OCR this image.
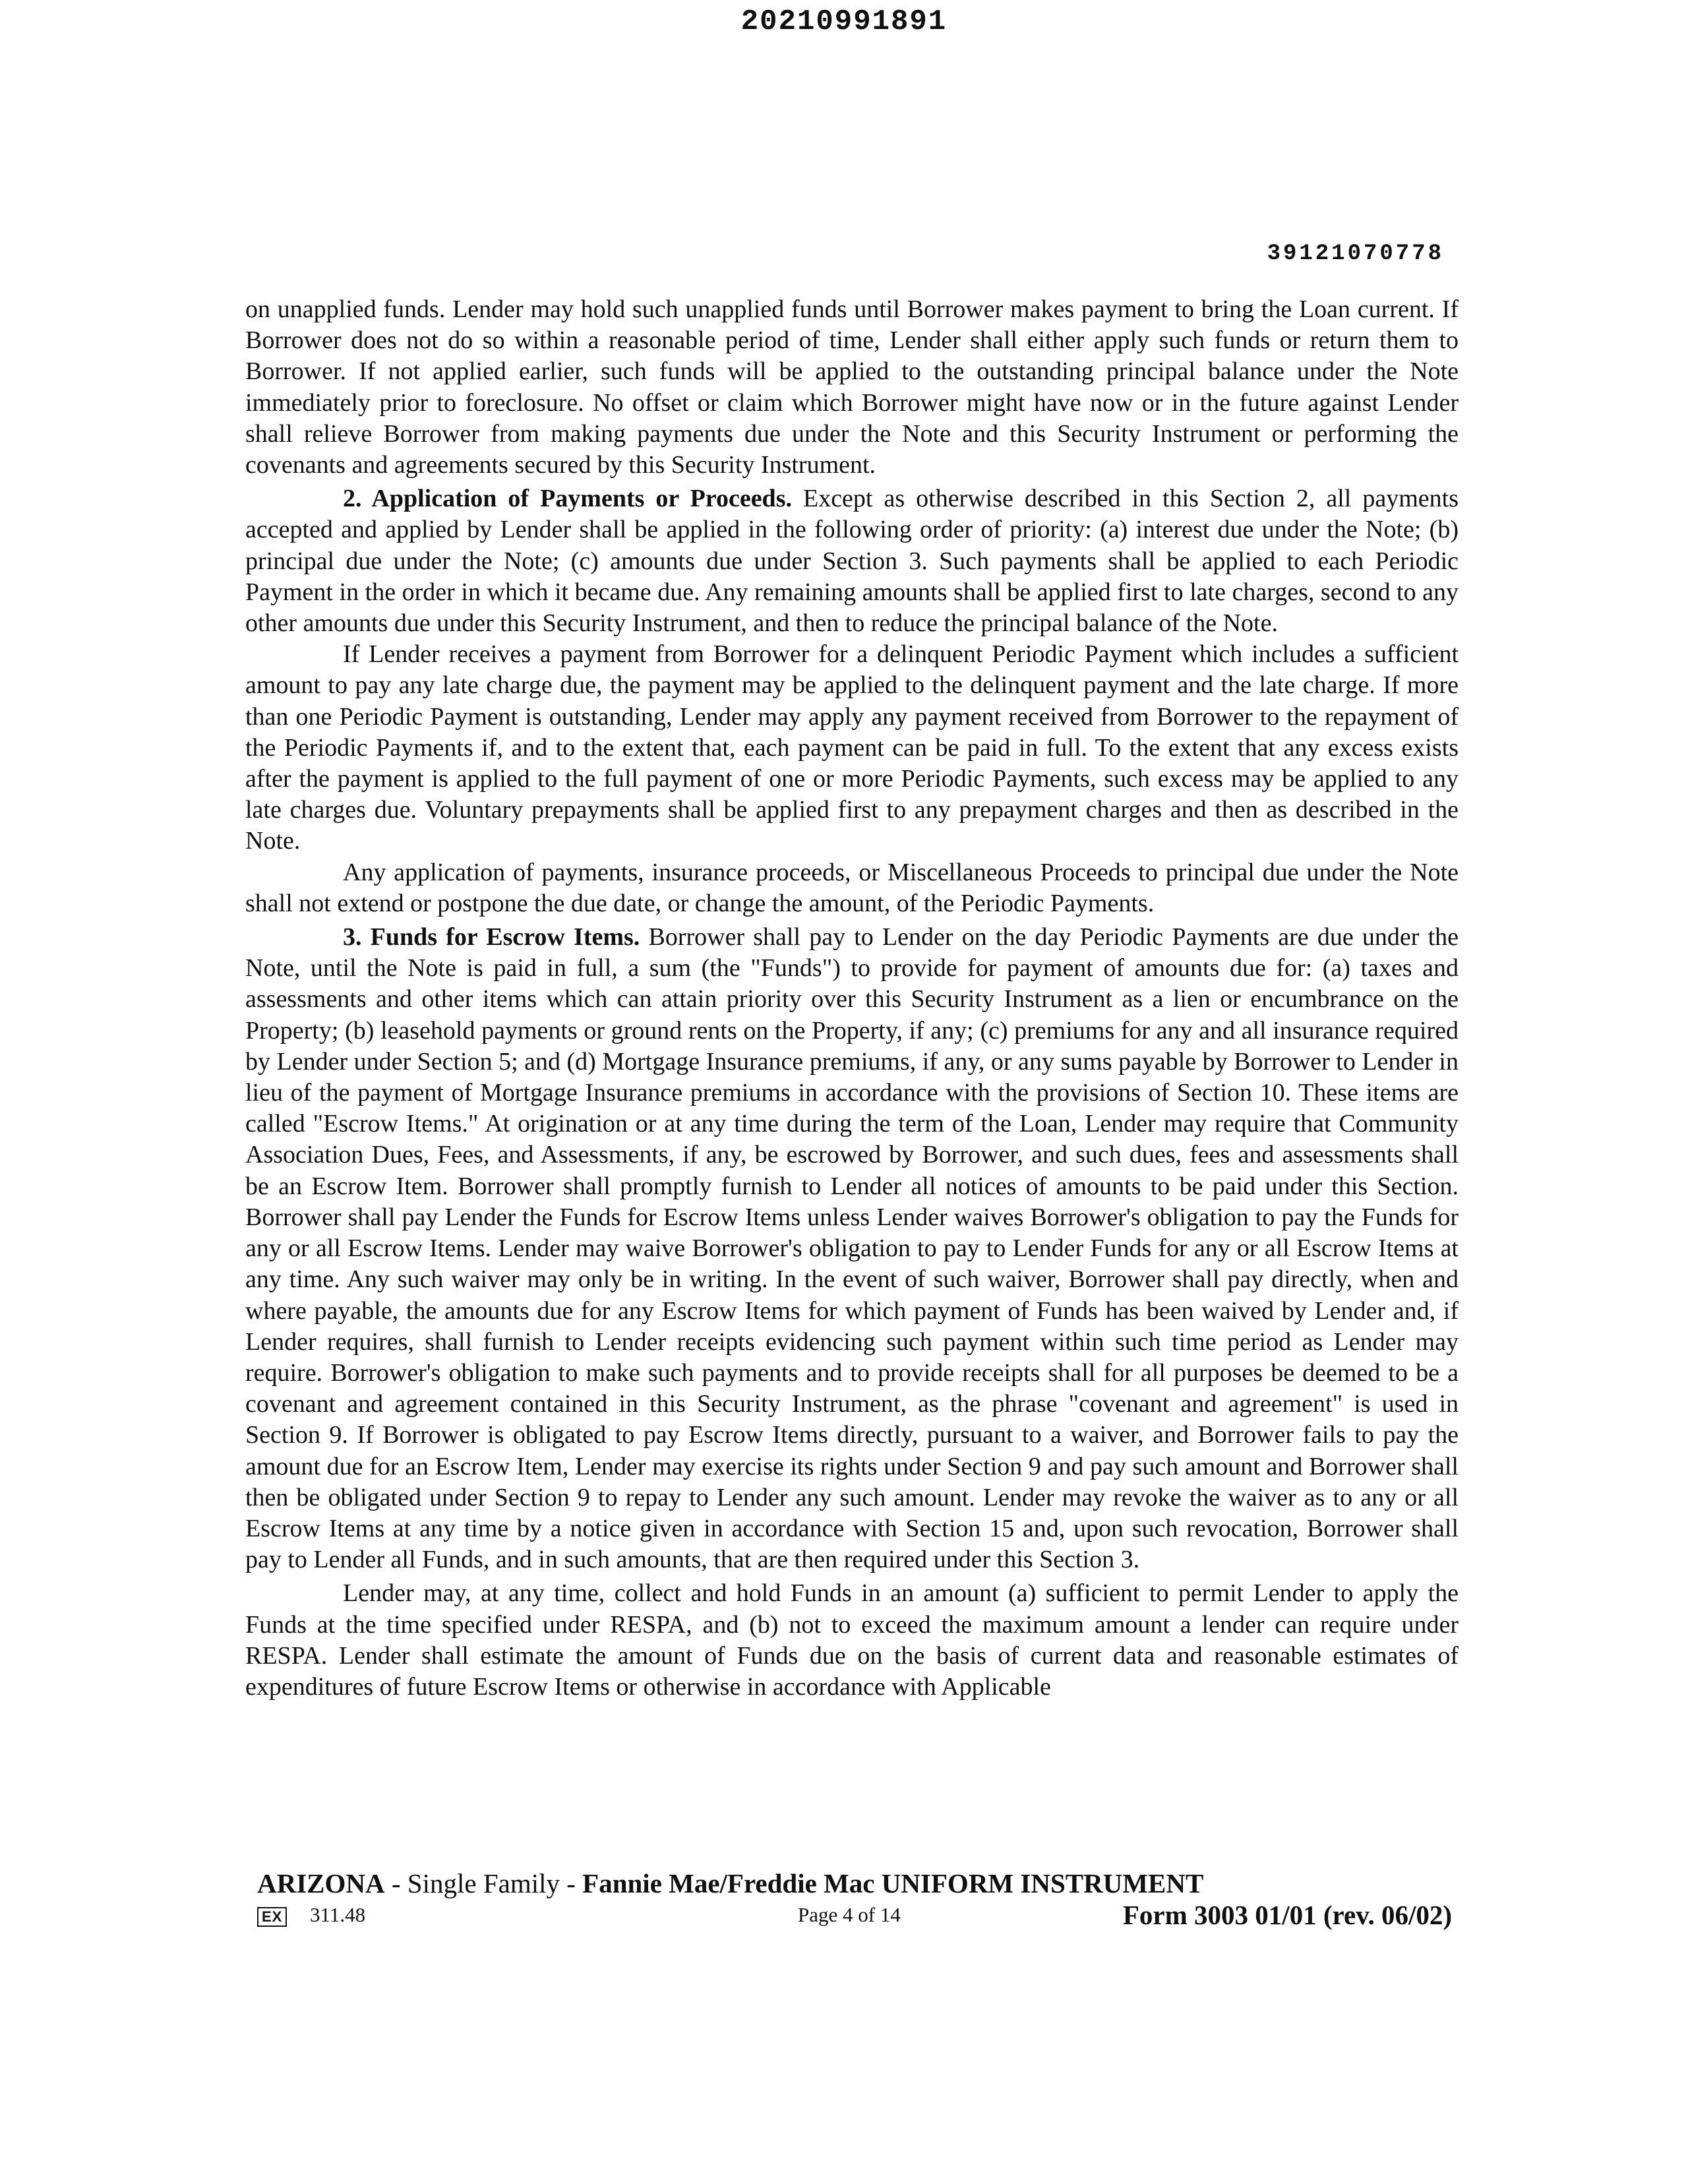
20210991891
39121070778

on unapplied funds. Lender may hold such unapplied funds until Borrower makes payment to bring the Loan current. If Borrower does not do so within a reasonable period of time, Lender shall either apply such funds or return them to Borrower. If not applied earlier, such funds will be applied to the outstanding principal balance under the Note immediately prior to foreclosure. No offset or claim which Borrower might have now or in the future against Lender shall relieve Borrower from making payments due under the Note and this Security Instrument or performing the covenants and agreements secured by this Security Instrument.

2. Application of Payments or Proceeds. Except as otherwise described in this Section 2, all payments accepted and applied by Lender shall be applied in the following order of priority: (a) interest due under the Note; (b) principal due under the Note; (c) amounts due under Section 3. Such payments shall be applied to each Periodic Payment in the order in which it became due. Any remaining amounts shall be applied first to late charges, second to any other amounts due under this Security Instrument, and then to reduce the principal balance of the Note.

If Lender receives a payment from Borrower for a delinquent Periodic Payment which includes a sufficient amount to pay any late charge due, the payment may be applied to the delinquent payment and the late charge. If more than one Periodic Payment is outstanding, Lender may apply any payment received from Borrower to the repayment of the Periodic Payments if, and to the extent that, each payment can be paid in full. To the extent that any excess exists after the payment is applied to the full payment of one or more Periodic Payments, such excess may be applied to any late charges due. Voluntary prepayments shall be applied first to any prepayment charges and then as described in the Note.

Any application of payments, insurance proceeds, or Miscellaneous Proceeds to principal due under the Note shall not extend or postpone the due date, or change the amount, of the Periodic Payments.

3. Funds for Escrow Items. Borrower shall pay to Lender on the day Periodic Payments are due under the Note, until the Note is paid in full, a sum (the "Funds") to provide for payment of amounts due for: (a) taxes and assessments and other items which can attain priority over this Security Instrument as a lien or encumbrance on the Property; (b) leasehold payments or ground rents on the Property, if any; (c) premiums for any and all insurance required by Lender under Section 5; and (d) Mortgage Insurance premiums, if any, or any sums payable by Borrower to Lender in lieu of the payment of Mortgage Insurance premiums in accordance with the provisions of Section 10. These items are called "Escrow Items." At origination or at any time during the term of the Loan, Lender may require that Community Association Dues, Fees, and Assessments, if any, be escrowed by Borrower, and such dues, fees and assessments shall be an Escrow Item. Borrower shall promptly furnish to Lender all notices of amounts to be paid under this Section. Borrower shall pay Lender the Funds for Escrow Items unless Lender waives Borrower's obligation to pay the Funds for any or all Escrow Items. Lender may waive Borrower's obligation to pay to Lender Funds for any or all Escrow Items at any time. Any such waiver may only be in writing. In the event of such waiver, Borrower shall pay directly, when and where payable, the amounts due for any Escrow Items for which payment of Funds has been waived by Lender and, if Lender requires, shall furnish to Lender receipts evidencing such payment within such time period as Lender may require. Borrower's obligation to make such payments and to provide receipts shall for all purposes be deemed to be a covenant and agreement contained in this Security Instrument, as the phrase "covenant and agreement" is used in Section 9. If Borrower is obligated to pay Escrow Items directly, pursuant to a waiver, and Borrower fails to pay the amount due for an Escrow Item, Lender may exercise its rights under Section 9 and pay such amount and Borrower shall then be obligated under Section 9 to repay to Lender any such amount. Lender may revoke the waiver as to any or all Escrow Items at any time by a notice given in accordance with Section 15 and, upon such revocation, Borrower shall pay to Lender all Funds, and in such amounts, that are then required under this Section 3.

Lender may, at any time, collect and hold Funds in an amount (a) sufficient to permit Lender to apply the Funds at the time specified under RESPA, and (b) not to exceed the maximum amount a lender can require under RESPA. Lender shall estimate the amount of Funds due on the basis of current data and reasonable estimates of expenditures of future Escrow Items or otherwise in accordance with Applicable

ARIZONA - Single Family - Fannie Mae/Freddie Mac UNIFORM INSTRUMENT
EX 311.48	Page 4 of 14	Form 3003 01/01 (rev. 06/02)
